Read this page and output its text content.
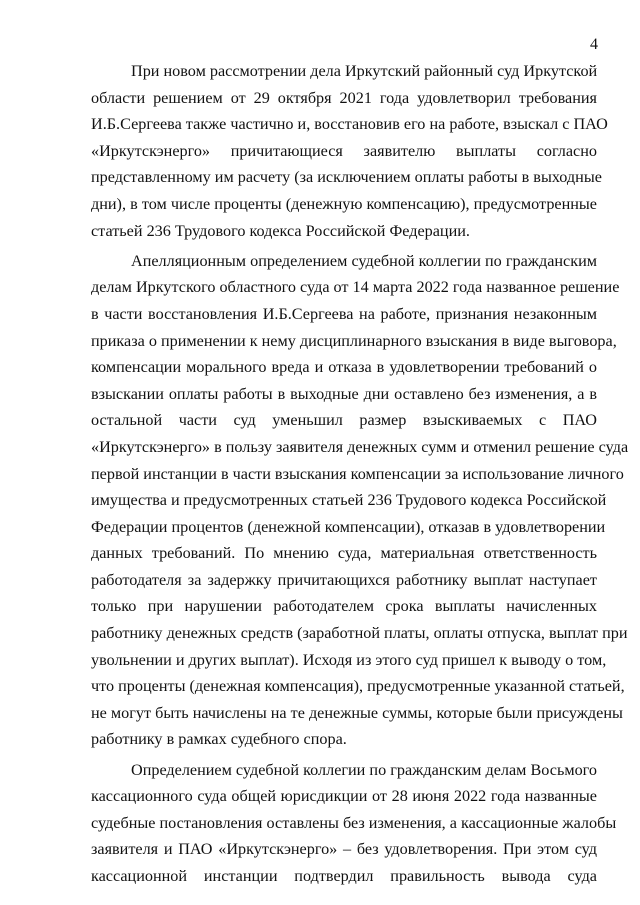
4
При новом рассмотрении дела Иркутский районный суд Иркутской
области решением от 29 октября 2021 года удовлетворил требования
И.Б.Сергеева также частично и, восстановив его на работе, взыскал с ПАО
«Иркутскэнерго» причитающиеся заявителю выплаты согласно
представленному им расчету (за исключением оплаты работы в выходные
дни), в том числе проценты (денежную компенсацию), предусмотренные
статьей 236 Трудового кодекса Российской Федерации.
Апелляционным определением судебной коллегии по гражданским
делам Иркутского областного суда от 14 марта 2022 года названное решение
в части восстановления И.Б.Сергеева на работе, признания незаконным
приказа о применении к нему дисциплинарного взыскания в виде выговора,
компенсации морального вреда и отказа в удовлетворении требований о
взыскании оплаты работы в выходные дни оставлено без изменения, а в
остальной части суд уменьшил размер взыскиваемых с ПАО
«Иркутскэнерго» в пользу заявителя денежных сумм и отменил решение суда
первой инстанции в части взыскания компенсации за использование личного
имущества и предусмотренных статьей 236 Трудового кодекса Российской
Федерации процентов (денежной компенсации), отказав в удовлетворении
данных требований. По мнению суда, материальная ответственность
работодателя за задержку причитающихся работнику выплат наступает
только при нарушении работодателем срока выплаты начисленных
работнику денежных средств (заработной платы, оплаты отпуска, выплат при
увольнении и других выплат). Исходя из этого суд пришел к выводу о том,
что проценты (денежная компенсация), предусмотренные указанной статьей,
не могут быть начислены на те денежные суммы, которые были присуждены
работнику в рамках судебного спора.
Определением судебной коллегии по гражданским делам Восьмого
кассационного суда общей юрисдикции от 28 июня 2022 года названные
судебные постановления оставлены без изменения, а кассационные жалобы
заявителя и ПАО «Иркутскэнерго» – без удовлетворения. При этом суд
кассационной инстанции подтвердил правильность вывода суда
